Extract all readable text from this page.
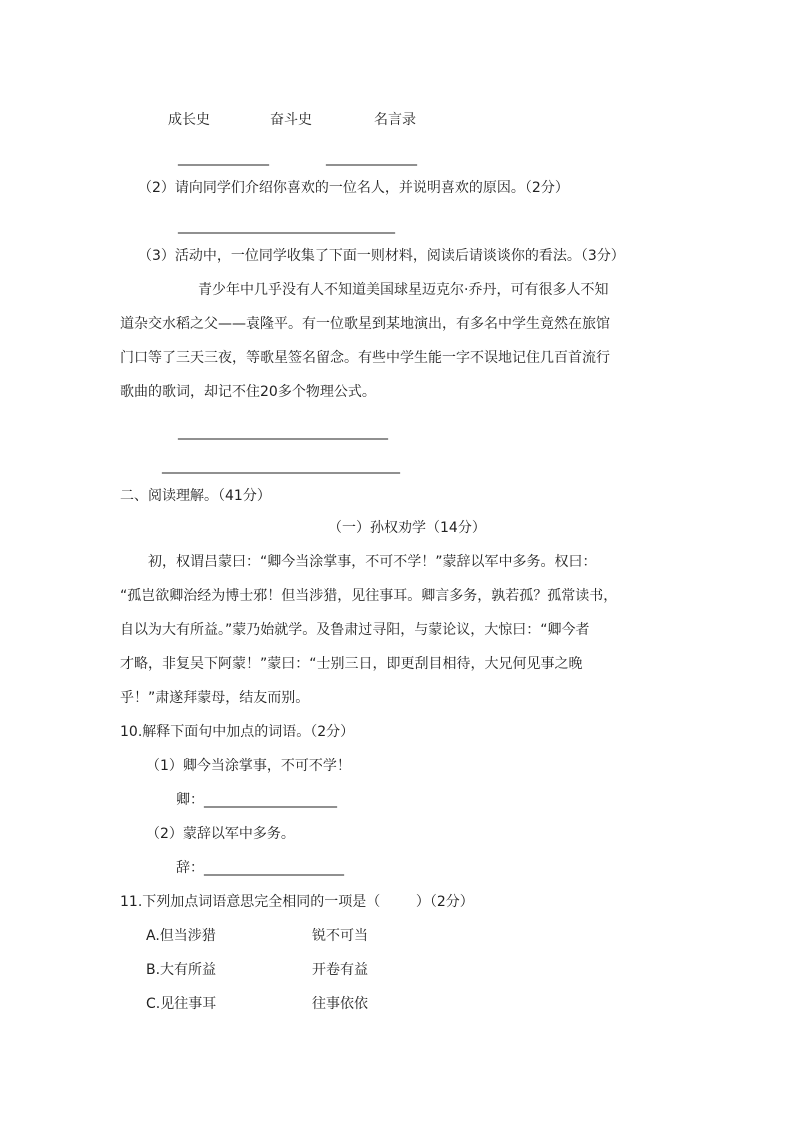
成长史	奋斗史	名言录
_____________	_____________
（2）请向同学们介绍你喜欢的一位名人，并说明喜欢的原因。（2分）
_______________________________
（3）活动中，一位同学收集了下面一则材料，阅读后请谈谈你的看法。（3分）
青少年中几乎没有人不知道美国球星迈克尔·乔丹，可有很多人不知
道杂交水稻之父——袁隆平。有一位歌星到某地演出，有多名中学生竟然在旅馆
门口等了三天三夜，等歌星签名留念。有些中学生能一字不误地记住几百首流行
歌曲的歌词，却记不住20多个物理公式。
______________________________
__________________________________
二、阅读理解。（41分）
（一）孙权劝学（14分）
初，权谓吕蒙曰：“卿今当涂掌事，不可不学！”蒙辞以军中多务。权曰：
“孤岂欲卿治经为博士邪！但当涉猎，见往事耳。卿言多务，孰若孤？孤常读书，
自以为大有所益。”蒙乃始就学。及鲁肃过寻阳，与蒙论议，大惊曰：“卿今者
才略，非复吴下阿蒙！”蒙曰：“士别三日，即更刮目相待，大兄何见事之晚
乎！”肃遂拜蒙母，结友而别。
10.解释下面句中加点的词语。（2分）
（1）卿今当涂掌事，不可不学！
卿：___________________
（2）蒙辞以军中多务。
辞：____________________
11.下列加点词语意思完全相同的一项是（        ）（2分）
A.但当涉猎	锐不可当
B.大有所益	开卷有益
C.见往事耳	往事依依
